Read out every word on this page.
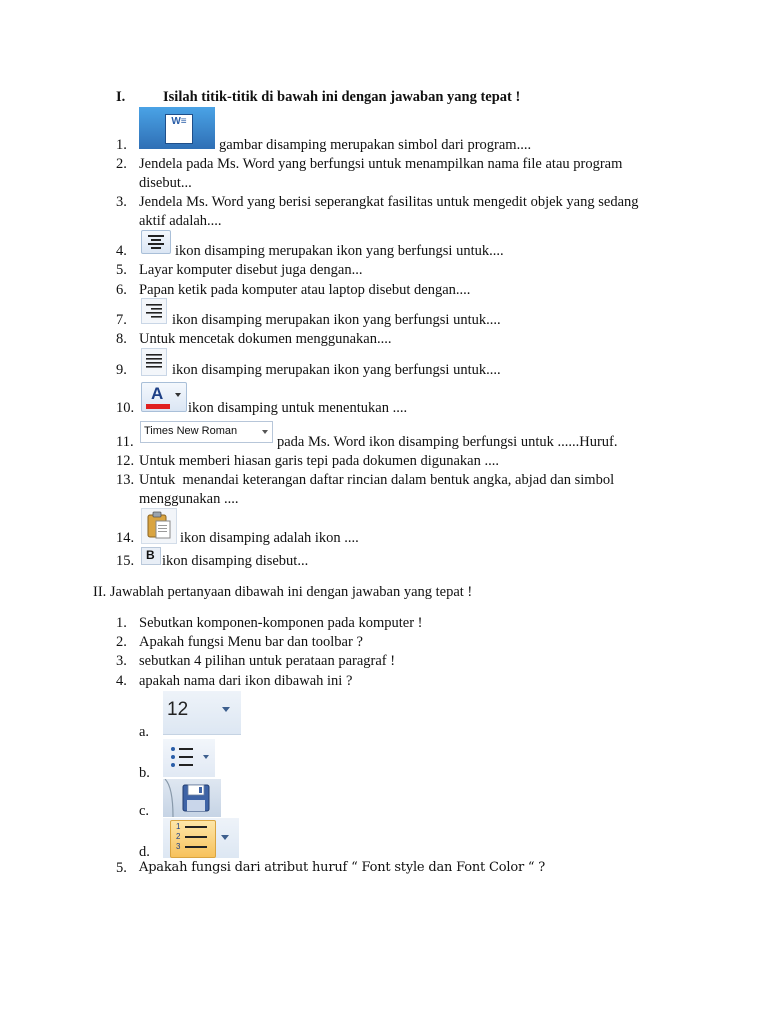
I.	Isilah titik-titik di bawah ini dengan jawaban yang tepat !
1.
W≡
gambar disamping merupakan simbol dari program....
2. Jendela pada Ms. Word yang berfungsi untuk menampilkan nama file atau program
disebut...
3. Jendela Ms. Word yang berisi seperangkat fasilitas untuk mengedit objek yang sedang
aktif adalah....
4.	ikon disamping merupakan ikon yang berfungsi untuk....
5. Layar komputer disebut juga dengan...
6. Papan ketik pada komputer atau laptop disebut dengan....
7.	ikon disamping merupakan ikon yang berfungsi untuk....
8. Untuk mencetak dokumen menggunakan....
9.	ikon disamping merupakan ikon yang berfungsi untuk....
10.
A
ikon disamping untuk menentukan ....
11.
Times New Roman
pada Ms. Word ikon disamping berfungsi untuk ......Huruf.
12. Untuk memberi hiasan garis tepi pada dokumen digunakan ....
13. Untuk  menandai keterangan daftar rincian dalam bentuk angka, abjad dan simbol
menggunakan ....
14.	ikon disamping adalah ikon ....
15. B ikon disamping disebut...
II. Jawablah pertanyaan dibawah ini dengan jawaban yang tepat !
1. Sebutkan komponen-komponen pada komputer !
2. Apakah fungsi Menu bar dan toolbar ?
3. sebutkan 4 pilihan untuk perataan paragraf !
4. apakah nama dari ikon dibawah ini ?
a.
12
b.
c.
d.
1
2
3
5. Apakah fungsi dari atribut huruf “ Font style dan Font Color “ ?
